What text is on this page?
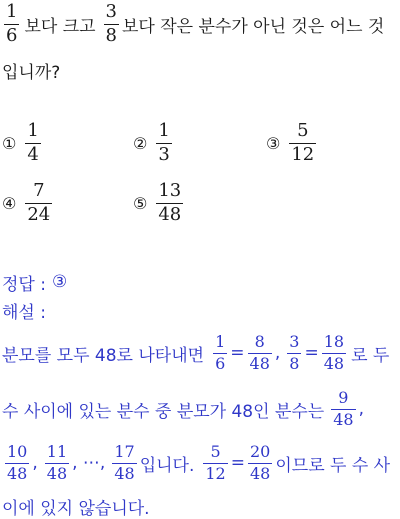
$\frac{1}{6}$ 보다 크고 $\frac{3}{8}$ 보다 작은 분수가 아닌 것은 어느 것
입니까?
① $\frac{1}{4}$	② $\frac{1}{3}$	③ $\frac{5}{12}$
④ $\frac{7}{24}$	⑤ $\frac{13}{48}$
정답 : ③
해설 :
분모를 모두 48로 나타내면 $\frac{1}{6} = \frac{8}{48}$ , $\frac{3}{8} = \frac{18}{48}$ 로 두
수 사이에 있는 분수 중 분모가 48인 분수는 $\frac{9}{48}$ ,
$\frac{10}{48}$ , $\frac{11}{48}$ , ⋯, $\frac{17}{48}$ 입니다. $\frac{5}{12} = \frac{20}{48}$ 이므로 두 수 사
이에 있지 않습니다.
